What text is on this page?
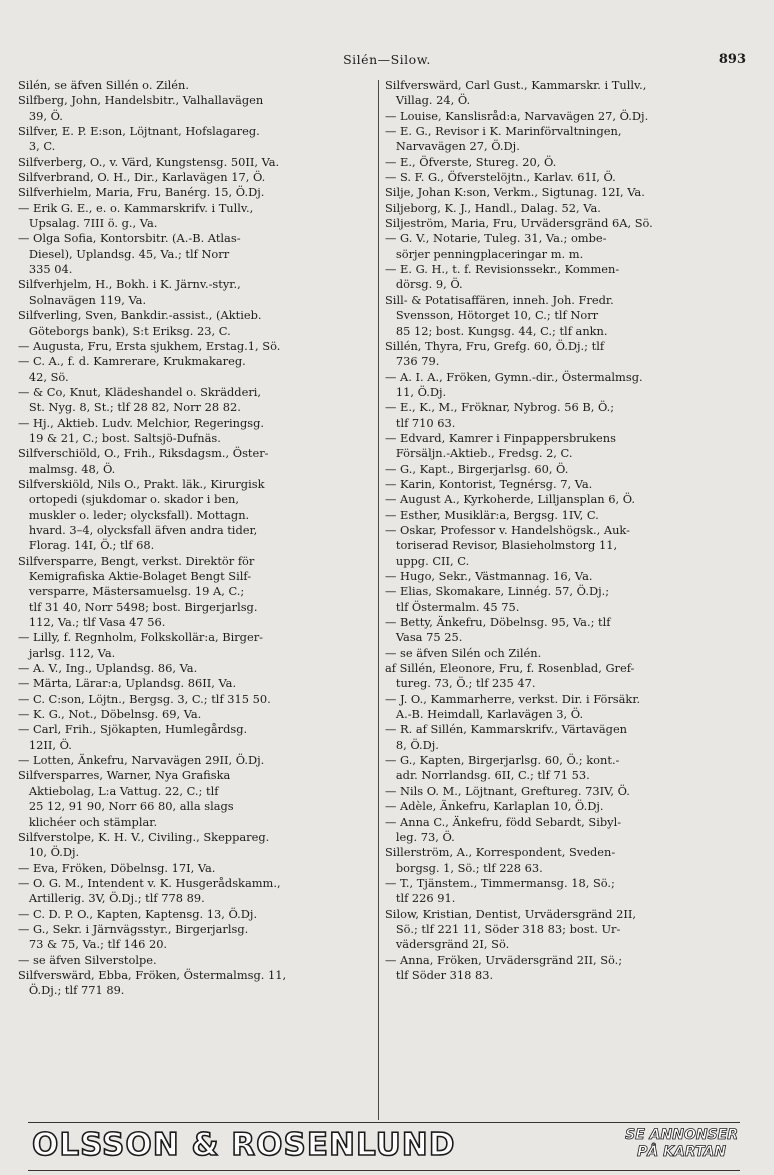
Silén—Silow.	893
Silén, se äfven Sillén o. Zilén.
Silfberg, John, Handelsbitr., Valhallavägen
39, Ö.
Silfver, E. P. E:son, Löjtnant, Hofslagareg.
3, C.
Silfverberg, O., v. Värd, Kungstensg. 50II, Va.
Silfverbrand, O. H., Dir., Karlavägen 17, Ö.
Silfverhielm, Maria, Fru, Banérg. 15, Ö.Dj.
— Erik G. E., e. o. Kammarskrifv. i Tullv.,
Upsalag. 7III ö. g., Va.
— Olga Sofia, Kontorsbitr. (A.-B. Atlas-
Diesel), Uplandsg. 45, Va.; tlf Norr
335 04.
Silfverhjelm, H., Bokh. i K. Järnv.-styr.,
Solnavägen 119, Va.
Silfverling, Sven, Bankdir.-assist., (Aktieb.
Göteborgs bank), S:t Eriksg. 23, C.
— Augusta, Fru, Ersta sjukhem, Erstag.1, Sö.
— C. A., f. d. Kamrerare, Krukmakareg.
42, Sö.
— & Co, Knut, Klädeshandel o. Skrädderi,
St. Nyg. 8, St.; tlf 28 82, Norr 28 82.
— Hj., Aktieb. Ludv. Melchior, Regeringsg.
19 & 21, C.; bost. Saltsjö-Dufnäs.
Silfverschiöld, O., Frih., Riksdagsm., Öster-
malmsg. 48, Ö.
Silfverskiöld, Nils O., Prakt. läk., Kirurgisk
ortopedi (sjukdomar o. skador i ben,
muskler o. leder; olycksfall). Mottagn.
hvard. 3–4, olycksfall äfven andra tider,
Florag. 14I, Ö.; tlf 68.
Silfversparre, Bengt, verkst. Direktör för
Kemigrafiska Aktie-Bolaget Bengt Silf-
versparre, Mästersamuelsg. 19 A, C.;
tlf 31 40, Norr 5498; bost. Birgerjarlsg.
112, Va.; tlf Vasa 47 56.
— Lilly, f. Regnholm, Folkskollär:a, Birger-
jarlsg. 112, Va.
— A. V., Ing., Uplandsg. 86, Va.
— Märta, Lärar:a, Uplandsg. 86II, Va.
— C. C:son, Löjtn., Bergsg. 3, C.; tlf 315 50.
— K. G., Not., Döbelnsg. 69, Va.
— Carl, Frih., Sjökapten, Humlegårdsg.
12II, Ö.
— Lotten, Änkefru, Narvavägen 29II, Ö.Dj.
Silfversparres, Warner, Nya Grafiska
Aktiebolag, L:a Vattug. 22, C.; tlf
25 12, 91 90, Norr 66 80, alla slags
klichéer och stämplar.
Silfverstolpe, K. H. V., Civiling., Skeppareg.
10, Ö.Dj.
— Eva, Fröken, Döbelnsg. 17I, Va.
— O. G. M., Intendent v. K. Husgerådskamm.,
Artillerig. 3V, Ö.Dj.; tlf 778 89.
— C. D. P. O., Kapten, Kaptensg. 13, Ö.Dj.
— G., Sekr. i Järnvägsstyr., Birgerjarlsg.
73 & 75, Va.; tlf 146 20.
— se äfven Silverstolpe.
Silfverswärd, Ebba, Fröken, Östermalmsg. 11,
Ö.Dj.; tlf 771 89.
Silfverswärd, Carl Gust., Kammarskr. i Tullv.,
Villag. 24, Ö.
— Louise, Kanslisråd:a, Narvavägen 27, Ö.Dj.
— E. G., Revisor i K. Marinförvaltningen,
Narvavägen 27, Ö.Dj.
— E., Öfverste, Stureg. 20, Ö.
— S. F. G., Öfverstelöjtn., Karlav. 61I, Ö.
Silje, Johan K:son, Verkm., Sigtunag. 12I, Va.
Siljeborg, K. J., Handl., Dalag. 52, Va.
Siljeström, Maria, Fru, Urvädersgränd 6A, Sö.
— G. V., Notarie, Tuleg. 31, Va.; ombe-
sörjer penningplaceringar m. m.
— E. G. H., t. f. Revisionssekr., Kommen-
dörsg. 9, Ö.
Sill- & Potatisaffären, inneh. Joh. Fredr.
Svensson, Hötorget 10, C.; tlf Norr
85 12; bost. Kungsg. 44, C.; tlf ankn.
Sillén, Thyra, Fru, Grefg. 60, Ö.Dj.; tlf
736 79.
— A. I. A., Fröken, Gymn.-dir., Östermalmsg.
11, Ö.Dj.
— E., K., M., Fröknar, Nybrog. 56 B, Ö.;
tlf 710 63.
— Edvard, Kamrer i Finpappersbrukens
Försäljn.-Aktieb., Fredsg. 2, C.
— G., Kapt., Birgerjarlsg. 60, Ö.
— Karin, Kontorist, Tegnérsg. 7, Va.
— August A., Kyrkoherde, Lilljansplan 6, Ö.
— Esther, Musiklär:a, Bergsg. 1IV, C.
— Oskar, Professor v. Handelshögsk., Auk-
toriserad Revisor, Blasieholmstorg 11,
uppg. CII, C.
— Hugo, Sekr., Västmannag. 16, Va.
— Elias, Skomakare, Linnég. 57, Ö.Dj.;
tlf Östermalm. 45 75.
— Betty, Änkefru, Döbelnsg. 95, Va.; tlf
Vasa 75 25.
— se äfven Silén och Zilén.
af Sillén, Eleonore, Fru, f. Rosenblad, Gref-
tureg. 73, Ö.; tlf 235 47.
— J. O., Kammarherre, verkst. Dir. i Försäkr.
A.-B. Heimdall, Karlavägen 3, Ö.
— R. af Sillén, Kammarskrifv., Värtavägen
8, Ö.Dj.
— G., Kapten, Birgerjarlsg. 60, Ö.; kont.-
adr. Norrlandsg. 6II, C.; tlf 71 53.
— Nils O. M., Löjtnant, Greftureg. 73IV, Ö.
— Adèle, Änkefru, Karlaplan 10, Ö.Dj.
— Anna C., Änkefru, född Sebardt, Sibyl-
leg. 73, Ö.
Sillerström, A., Korrespondent, Sveden-
borgsg. 1, Sö.; tlf 228 63.
— T., Tjänstem., Timmermansg. 18, Sö.;
tlf 226 91.
Silow, Kristian, Dentist, Urvädersgränd 2II,
Sö.; tlf 221 11, Söder 318 83; bost. Ur-
vädersgränd 2I, Sö.
— Anna, Fröken, Urvädersgränd 2II, Sö.;
tlf Söder 318 83.
OLSSON & ROSENLUND	SE ANNONSER
PÅ KARTAN
